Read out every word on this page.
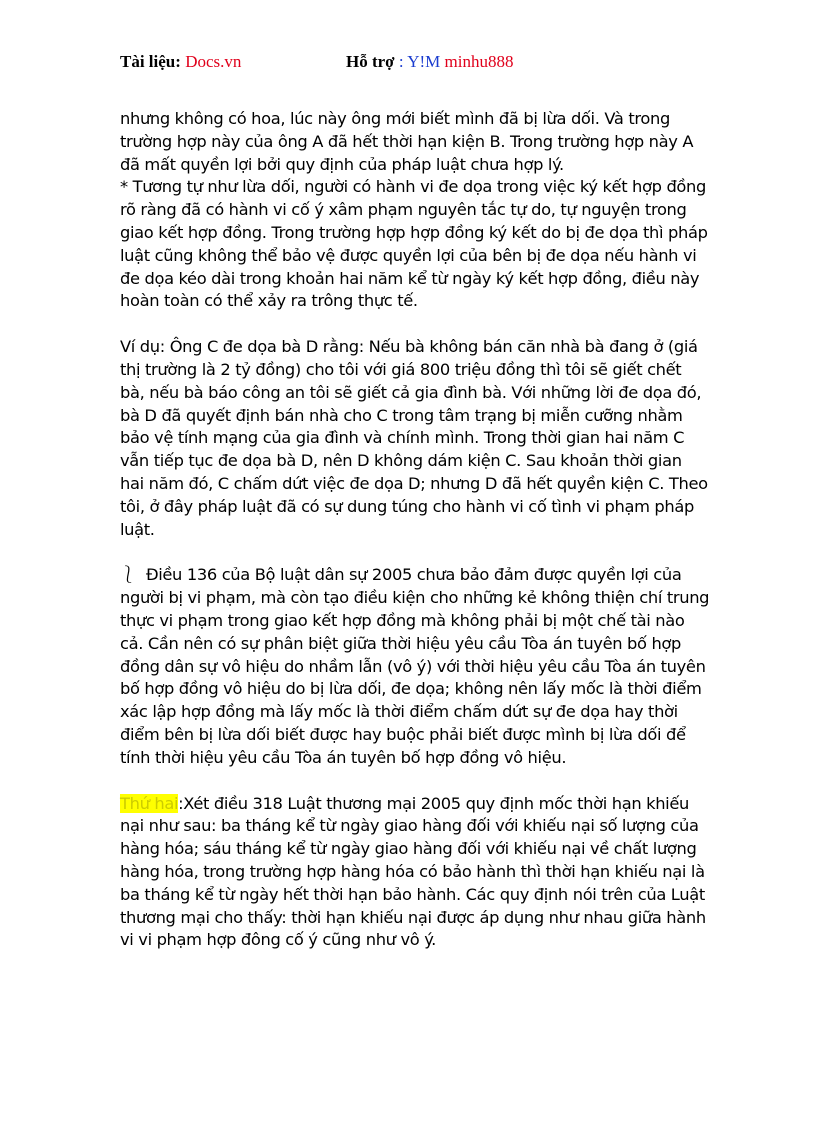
Tài liệu: Docs.vn	Hỗ trợ : Y!M minhu888

nhưng không có hoa, lúc này ông mới biết mình đã bị lừa dối. Và trong trường hợp này của ông A đã hết thời hạn kiện B. Trong trường hợp này A đã mất quyền lợi bởi quy định của pháp luật chưa hợp lý.

* Tương tự như lừa dối, người có hành vi đe dọa trong việc ký kết hợp đồng rõ ràng đã có hành vi cố ý xâm phạm nguyên tắc tự do, tự nguyện trong giao kết hợp đồng. Trong trường hợp hợp đồng ký kết do bị đe dọa thì pháp luật cũng không thể bảo vệ được quyền lợi của bên bị đe dọa nếu hành vi đe dọa kéo dài trong khoản hai năm kể từ ngày ký kết hợp đồng, điều này hoàn toàn có thể xảy ra trông thực tế.

Ví dụ: Ông C đe dọa bà D rằng: Nếu bà không bán căn nhà bà đang ở (giá thị trường là 2 tỷ đồng) cho tôi với giá 800 triệu đồng thì tôi sẽ giết chết bà, nếu bà báo công an tôi sẽ giết cả gia đình bà. Với những lời đe dọa đó, bà D đã quyết định bán nhà cho C trong tâm trạng bị miễn cưỡng nhằm bảo vệ tính mạng của gia đình và chính mình. Trong thời gian hai năm C vẫn tiếp tục đe dọa bà D, nên D không dám kiện C. Sau khoản thời gian hai năm đó, C chấm dứt việc đe dọa D; nhưng D đã hết quyền kiện C. Theo tôi, ở đây pháp luật đã có sự dung túng cho hành vi cố tình vi phạm pháp luật.

⎱ Điều 136 của Bộ luật dân sự 2005 chưa bảo đảm được quyền lợi của người bị vi phạm, mà còn tạo điều kiện cho những kẻ không thiện chí trung thực vi phạm trong giao kết hợp đồng mà không phải bị một chế tài nào cả. Cần nên có sự phân biệt giữa thời hiệu yêu cầu Tòa án tuyên bố hợp đồng dân sự vô hiệu do nhầm lẫn (vô ý) với thời hiệu yêu cầu Tòa án tuyên bố hợp đồng vô hiệu do bị lừa dối, đe dọa; không nên lấy mốc là thời điểm xác lập hợp đồng mà lấy mốc là thời điểm chấm dứt sự đe dọa hay thời điểm bên bị lừa dối biết được hay buộc phải biết được mình bị lừa dối để tính thời hiệu yêu cầu Tòa án tuyên bố hợp đồng vô hiệu.

Thứ hai:Xét điều 318 Luật thương mại 2005 quy định mốc thời hạn khiếu nại như sau: ba tháng kể từ ngày giao hàng đối với khiếu nại số lượng của hàng hóa; sáu tháng kể từ ngày giao hàng đối với khiếu nại về chất lượng hàng hóa, trong trường hợp hàng hóa có bảo hành thì thời hạn khiếu nại là ba tháng kể từ ngày hết thời hạn bảo hành. Các quy định nói trên của Luật thương mại cho thấy: thời hạn khiếu nại được áp dụng như nhau giữa hành vi vi phạm hợp đông cố ý cũng như vô ý.
